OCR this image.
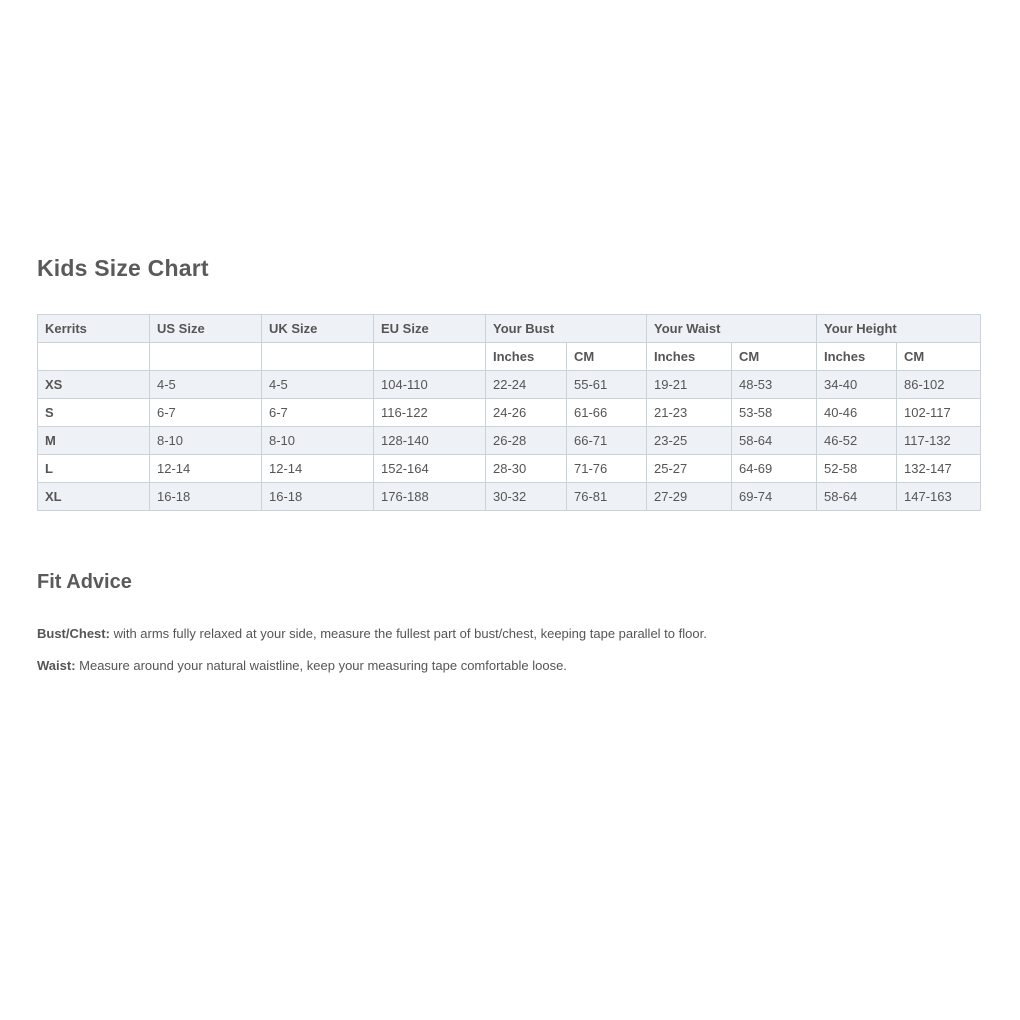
Kids Size Chart
Kerrits	US Size	UK Size	EU Size	Your Bust		Your Waist		Your Height	
				Inches	CM	Inches	CM	Inches	CM
XS	4-5	4-5	104-110	22-24	55-61	19-21	48-53	34-40	86-102
S	6-7	6-7	116-122	24-26	61-66	21-23	53-58	40-46	102-117
M	8-10	8-10	128-140	26-28	66-71	23-25	58-64	46-52	117-132
L	12-14	12-14	152-164	28-30	71-76	25-27	64-69	52-58	132-147
XL	16-18	16-18	176-188	30-32	76-81	27-29	69-74	58-64	147-163
Fit Advice

Bust/Chest: with arms fully relaxed at your side, measure the fullest part of bust/chest, keeping tape parallel to floor.

Waist: Measure around your natural waistline, keep your measuring tape comfortable loose.
